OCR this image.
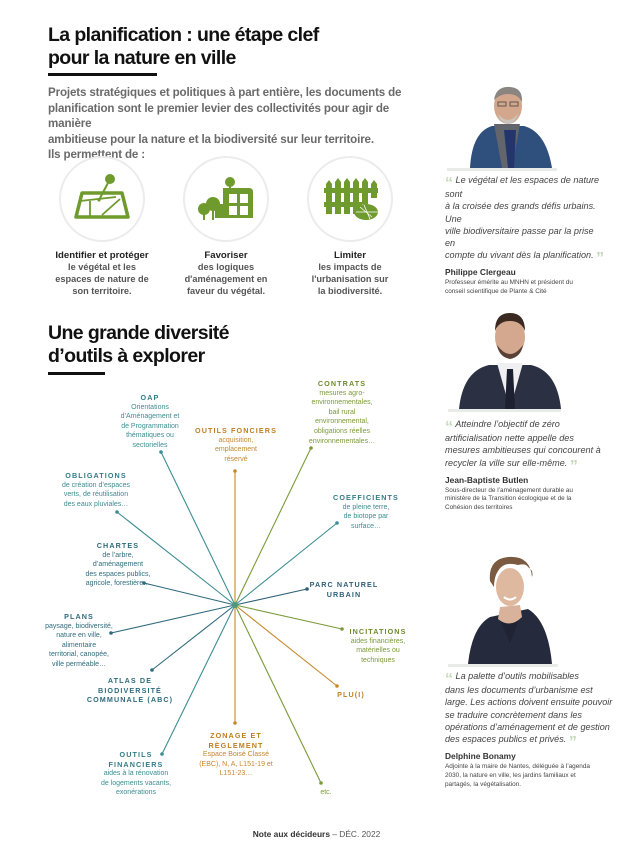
La planification : une étape clef
pour la nature en ville
Projets stratégiques et politiques à part entière, les documents de
planification sont le premier levier des collectivités pour agir de manière
ambitieuse pour la nature et la biodiversité sur leur territoire.
Ils permettent de :
Identifier et protéger
le végétal et les
espaces de nature de
son territoire.
Favoriser
des logiques
d'aménagement en
faveur du végétal.
Limiter
les impacts de
l'urbanisation sur
la biodiversité.
Une grande diversité
d’outils à explorer
OAP
Orientations
d’Aménagement et
de Programmation
thématiques ou
sectorielles
OUTILS FONCIERS
acquisition,
emplacement
réservé
CONTRATS
mesures agro-
environnementales,
bail rural
environnemental,
obligations réelles
environnementales…
OBLIGATIONS
de création d’espaces
verts, de réutilisation
des eaux pluviales…
COEFFICIENTS
de pleine terre,
de biotope par
surface…
CHARTES
de l’arbre,
d’aménagement
des espaces publics,
agricole, forestière…	PARC NATUREL
URBAIN
PLANS
paysage, biodiversité,
nature en ville,
alimentaire
territorial, canopée,
ville perméable…
INCITATIONS
aides financières,
matérielles ou
techniques
ATLAS DE
BIODIVERSITÉ
COMMUNALE (ABC)
PLU(I)
ZONAGE ET
RÈGLEMENT
Espace Boisé Classé
(EBC), N, A, L151-19 et
L151-23…
OUTILS
FINANCIERS
aides à la rénovation
de logements vacants,
exonérations	etc.
“ Le végétal et les espaces de nature sont
à la croisée des grands défis urbains. Une
ville biodiversitaire passe par la prise en
compte du vivant dès la planification. ”
Philippe Clergeau
Professeur émérite au MNHN et président du
conseil scientifique de Plante & Cité
“ Atteindre l’objectif de zéro
artificialisation nette appelle des
mesures ambitieuses qui concourent à
recycler la ville sur elle-même. ”
Jean-Baptiste Butlen
Sous-directeur de l’aménagement durable au
ministère de la Transition écologique et de la
Cohésion des territoires
“ La palette d’outils mobilisables
dans les documents d’urbanisme est
large. Les actions doivent ensuite pouvoir
se traduire concrètement dans les
opérations d’aménagement et de gestion
des espaces publics et privés. ”
Delphine Bonamy
Adjointe à la maire de Nantes, déléguée à l’agenda
2030, la nature en ville, les jardins familiaux et
partagés, la végétalisation.
Note aux décideurs – DÉC. 2022
